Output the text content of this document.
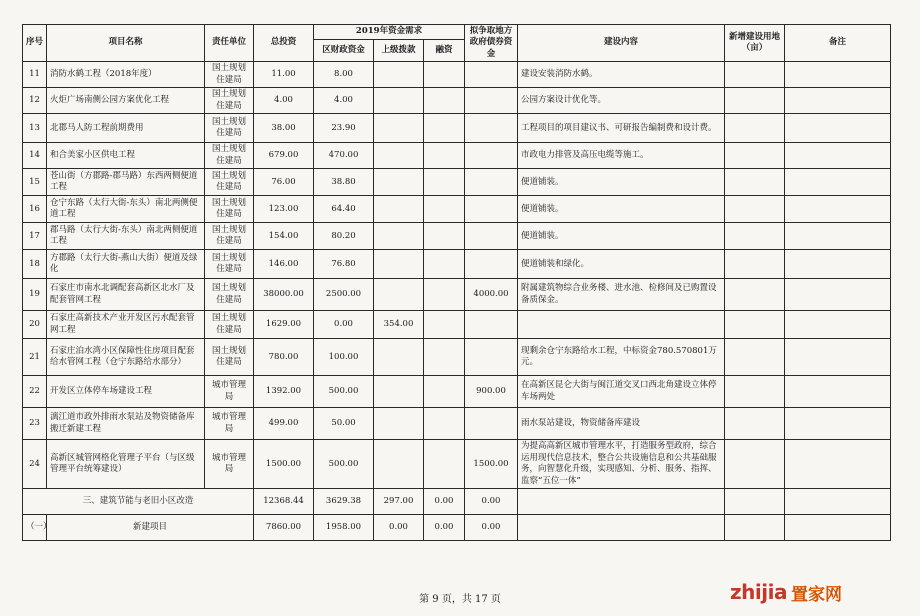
序号	项目名称	责任单位	总投资	2019年资金需求			拟争取地方政府债券资金	建设内容	新增建设用地（亩）	备注
				区财政资金	上级拨款	融资				
11	消防水鹤工程（2018年度）	国土规划住建局	11.00	8.00				建设安装消防水鹤。		
12	火炬广场南侧公园方案优化工程	国土规划住建局	4.00	4.00				公园方案设计优化等。		
13	北郡马人防工程前期费用	国土规划住建局	38.00	23.90				工程项目的项目建议书、可研报告编制费和设计费。		
14	和合美家小区供电工程	国土规划住建局	679.00	470.00				市政电力排管及高压电缆等施工。		
15	苍山街（方郡路-郡马路）东西两侧便道工程	国土规划住建局	76.00	38.80				便道铺装。		
16	仓宁东路（太行大街-东头）南北两侧便道工程	国土规划住建局	123.00	64.40				便道铺装。		
17	郡马路（太行大街-东头）南北两侧便道工程	国土规划住建局	154.00	80.20				便道铺装。		
18	方郡路（太行大街-燕山大街）便道及绿化	国土规划住建局	146.00	76.80				便道铺装和绿化。		
19	石家庄市南水北调配套高新区北水厂及配套管网工程	国土规划住建局	38000.00	2500.00			4000.00	附属建筑物综合业务楼、进水池、检修间及已购置设备质保金。		
20	石家庄高新技术产业开发区污水配套管网工程	国土规划住建局	1629.00	0.00	354.00					
21	石家庄泊水湾小区保障性住房项目配套给水管网工程（仓宁东路给水部分）	国土规划住建局	780.00	100.00				现剩余仓宁东路给水工程，中标资金780.570801万元。		
22	开发区立体停车场建设工程	城市管理局	1392.00	500.00			900.00	在高新区昆仑大街与闽江道交叉口西北角建设立体停车场两处		
23	漓江道市政外排雨水泵站及物资储备库搬迁新建工程	城市管理局	499.00	50.00				雨水泵站建设，物资储备库建设		
24	高新区城管网格化管理子平台（与区级管理平台统筹建设）	城市管理局	1500.00	500.00			1500.00	为提高高新区城市管理水平，打造服务型政府，综合运用现代信息技术，整合公共设施信息和公共基础服务，向智慧化升级，实现感知、分析、服务、指挥、监察“五位一体”		
三、建筑节能与老旧小区改造			12368.44	3629.38	297.00	0.00	0.00			
（一）	新建项目		7860.00	1958.00	0.00	0.00	0.00			
第 9 页，共 17 页	zhijia 置家网
